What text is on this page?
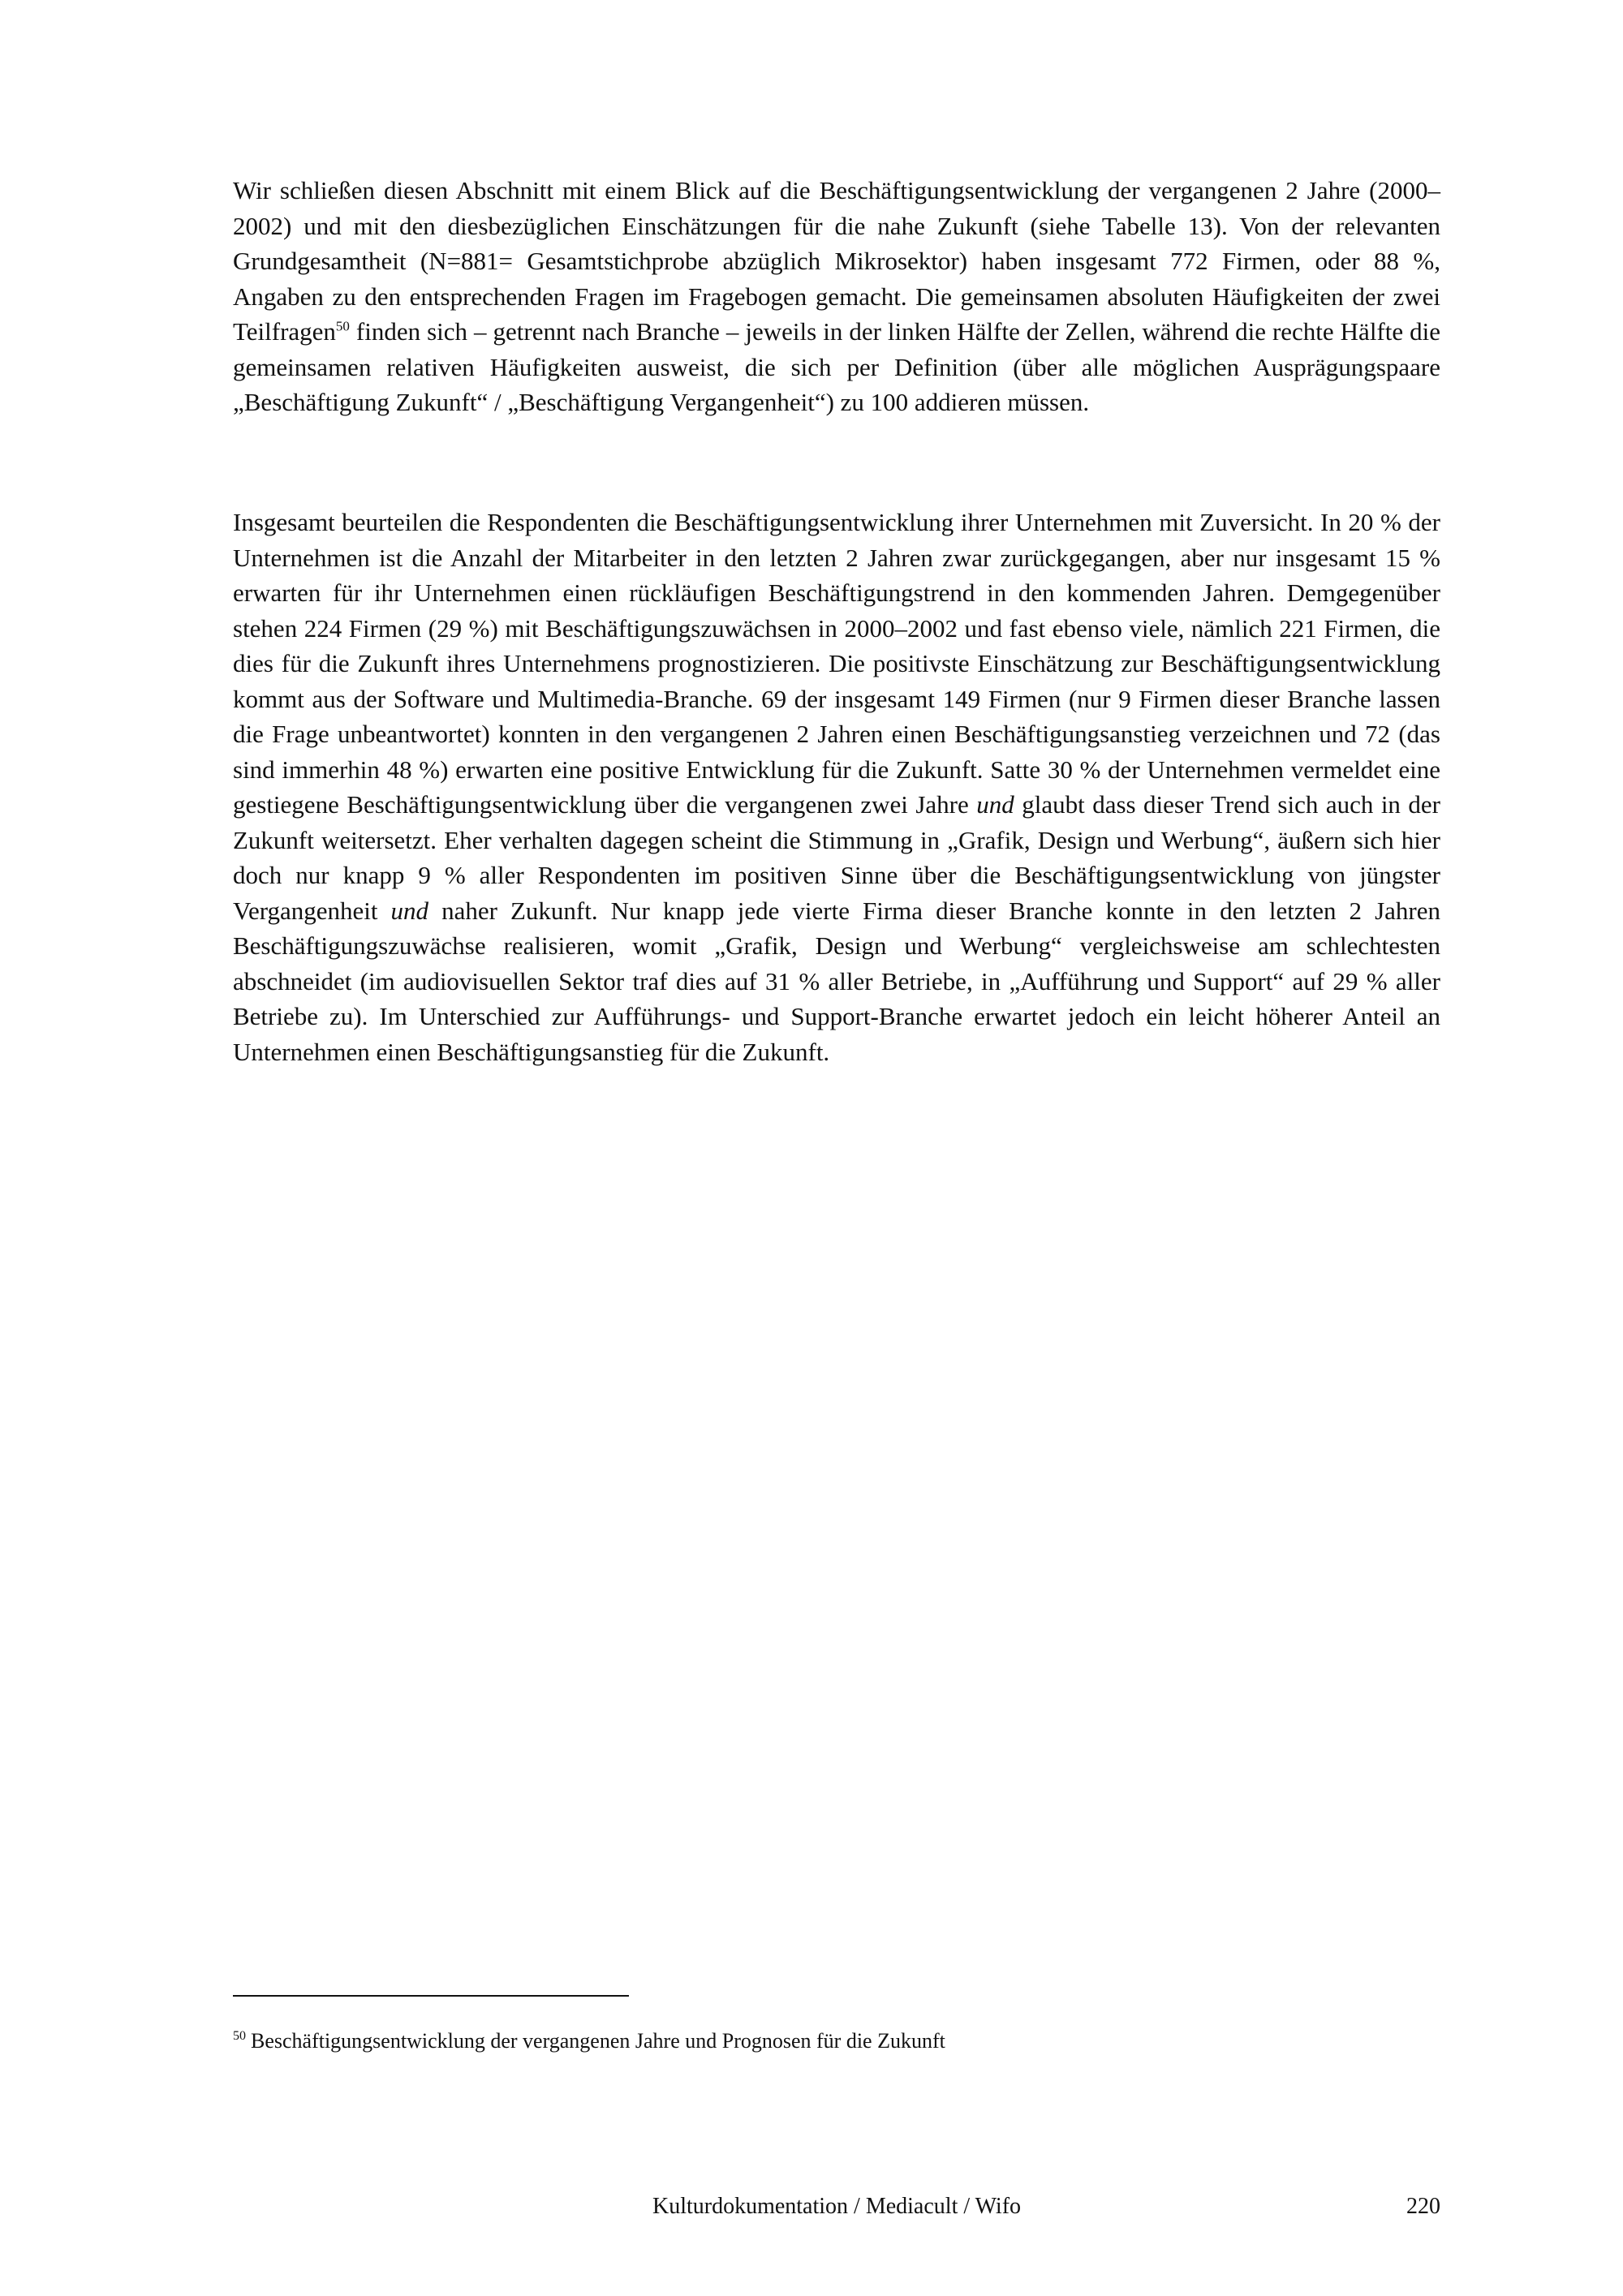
Wir schließen diesen Abschnitt mit einem Blick auf die Beschäftigungsentwicklung der vergangenen 2 Jahre (2000–2002) und mit den diesbezüglichen Einschätzungen für die nahe Zukunft (siehe Tabelle 13). Von der relevanten Grundgesamtheit (N=881= Gesamtstichprobe abzüglich Mikrosektor) haben insgesamt 772 Firmen, oder 88 %, Angaben zu den entsprechenden Fragen im Fragebogen gemacht. Die gemeinsamen absoluten Häufigkeiten der zwei Teilfragen$^{50}$ finden sich – getrennt nach Branche – jeweils in der linken Hälfte der Zellen, während die rechte Hälfte die gemeinsamen relativen Häufigkeiten ausweist, die sich per Definition (über alle möglichen Ausprägungspaare „Beschäftigung Zukunft“ / „Beschäftigung Vergangenheit“) zu 100 addieren müssen.

Insgesamt beurteilen die Respondenten die Beschäftigungsentwicklung ihrer Unternehmen mit Zuversicht. In 20 % der Unternehmen ist die Anzahl der Mitarbeiter in den letzten 2 Jahren zwar zurückgegangen, aber nur insgesamt 15 % erwarten für ihr Unternehmen einen rückläufigen Beschäftigungstrend in den kommenden Jahren. Demgegenüber stehen 224 Firmen (29 %) mit Beschäftigungszuwächsen in 2000–2002 und fast ebenso viele, nämlich 221 Firmen, die dies für die Zukunft ihres Unternehmens prognostizieren. Die positivste Einschätzung zur Beschäftigungsentwicklung kommt aus der Software und Multimedia-Branche. 69 der insgesamt 149 Firmen (nur 9 Firmen dieser Branche lassen die Frage unbeantwortet) konnten in den vergangenen 2 Jahren einen Beschäftigungsanstieg verzeichnen und 72 (das sind immerhin 48 %) erwarten eine positive Entwicklung für die Zukunft. Satte 30 % der Unternehmen vermeldet eine gestiegene Beschäftigungsentwicklung über die vergangenen zwei Jahre und glaubt dass dieser Trend sich auch in der Zukunft weitersetzt. Eher verhalten dagegen scheint die Stimmung in „Grafik, Design und Werbung“, äußern sich hier doch nur knapp 9 % aller Respondenten im positiven Sinne über die Beschäftigungsentwicklung von jüngster Vergangenheit und naher Zukunft. Nur knapp jede vierte Firma dieser Branche konnte in den letzten 2 Jahren Beschäftigungszuwächse realisieren, womit „Grafik, Design und Werbung“ vergleichsweise am schlechtesten abschneidet (im audiovisuellen Sektor traf dies auf 31 % aller Betriebe, in „Aufführung und Support“ auf 29 % aller Betriebe zu). Im Unterschied zur Aufführungs- und Support-Branche erwartet jedoch ein leicht höherer Anteil an Unternehmen einen Beschäftigungsanstieg für die Zukunft.

$^{50}$ Beschäftigungsentwicklung der vergangenen Jahre und Prognosen für die Zukunft
Kulturdokumentation / Mediacult / Wifo	220
